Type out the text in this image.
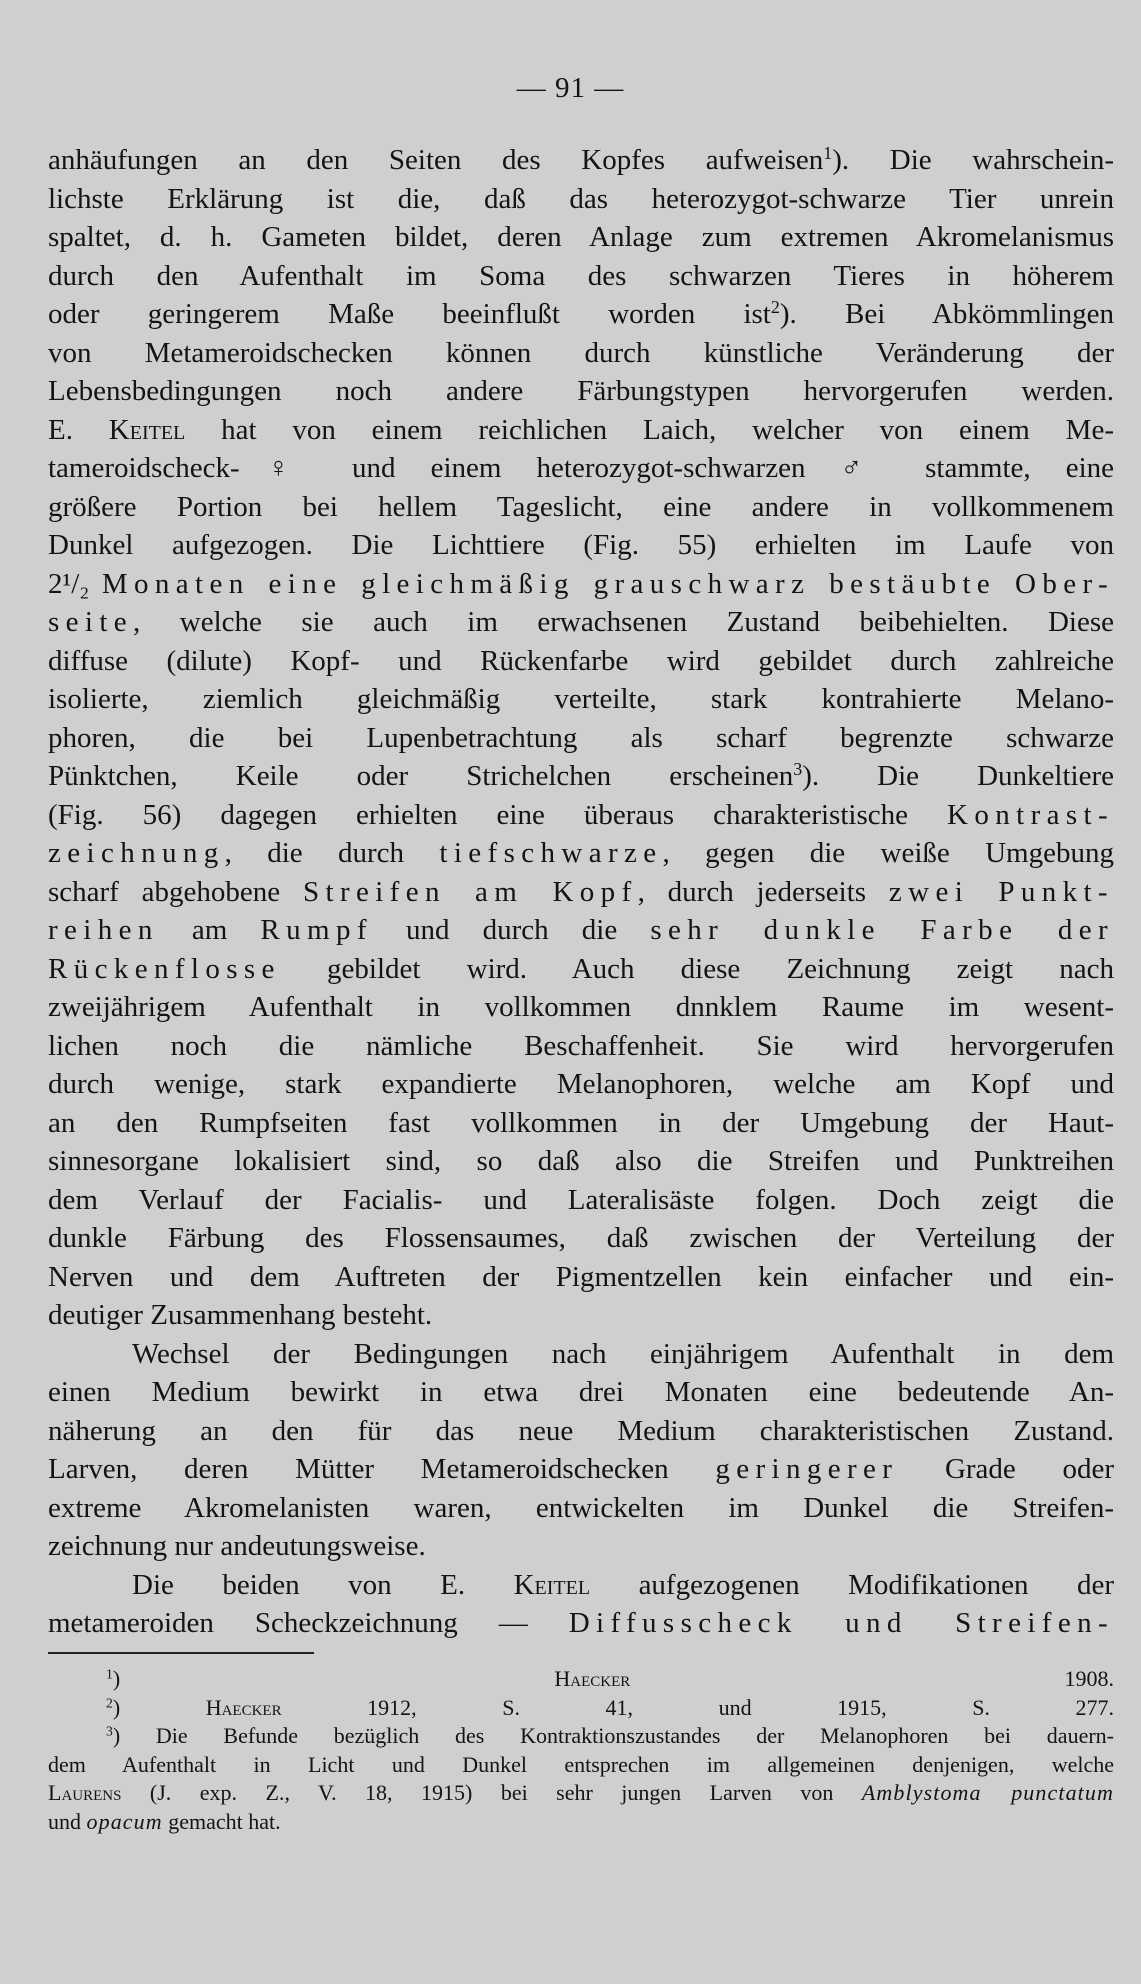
— 91 —
anhäufungen an den Seiten des Kopfes aufweisen$^1$). Die wahrschein-
lichste Erklärung ist die, daß das heterozygot-schwarze Tier unrein
spaltet, d. h. Gameten bildet, deren Anlage zum extremen Akromelanismus
durch den Aufenthalt im Soma des schwarzen Tieres in höherem
oder geringerem Maße beeinflußt worden ist$^2$). Bei Abkömmlingen
von Metameroidschecken können durch künstliche Veränderung der
Lebensbedingungen noch andere Färbungstypen hervorgerufen werden.
E. Keitel hat von einem reichlichen Laich, welcher von einem Me-
tameroidscheck-♀ und einem heterozygot-schwarzen ♂ stammte, eine
größere Portion bei hellem Tageslicht, eine andere in vollkommenem
Dunkel aufgezogen. Die Lichttiere (Fig. 55) erhielten im Laufe von
2¹/₂ Monaten eine gleichmäßig grauschwarz bestäubte Ober-
seite, welche sie auch im erwachsenen Zustand beibehielten. Diese
diffuse (dilute) Kopf- und Rückenfarbe wird gebildet durch zahlreiche
isolierte, ziemlich gleichmäßig verteilte, stark kontrahierte Melano-
phoren, die bei Lupenbetrachtung als scharf begrenzte schwarze
Pünktchen, Keile oder Strichelchen erscheinen$^3$). Die Dunkeltiere
(Fig. 56) dagegen erhielten eine überaus charakteristische Kontrast-
zeichnung, die durch tiefschwarze, gegen die weiße Umgebung
scharf abgehobene Streifen am Kopf, durch jederseits zwei Punkt-
reihen am Rumpf und durch die sehr dunkle Farbe der
Rückenflosse gebildet wird. Auch diese Zeichnung zeigt nach
zweijährigem Aufenthalt in vollkommen dnnklem Raume im wesent-
lichen noch die nämliche Beschaffenheit. Sie wird hervorgerufen
durch wenige, stark expandierte Melanophoren, welche am Kopf und
an den Rumpfseiten fast vollkommen in der Umgebung der Haut-
sinnesorgane lokalisiert sind, so daß also die Streifen und Punktreihen
dem Verlauf der Facialis- und Lateralisäste folgen. Doch zeigt die
dunkle Färbung des Flossensaumes, daß zwischen der Verteilung der
Nerven und dem Auftreten der Pigmentzellen kein einfacher und ein-
deutiger Zusammenhang besteht.
Wechsel der Bedingungen nach einjährigem Aufenthalt in dem
einen Medium bewirkt in etwa drei Monaten eine bedeutende An-
näherung an den für das neue Medium charakteristischen Zustand.
Larven, deren Mütter Metameroidschecken geringerer Grade oder
extreme Akromelanisten waren, entwickelten im Dunkel die Streifen-
zeichnung nur andeutungsweise.
Die beiden von E. Keitel aufgezogenen Modifikationen der
metameroiden Scheckzeichnung — Diffusscheck und Streifen-
$^1$) Haecker 1908.
$^2$) Haecker 1912, S. 41, und 1915, S. 277.
$^3$) Die Befunde bezüglich des Kontraktionszustandes der Melanophoren bei dauern-
dem Aufenthalt in Licht und Dunkel entsprechen im allgemeinen denjenigen, welche
Laurens (J. exp. Z., V. 18, 1915) bei sehr jungen Larven von Amblystoma punctatum
und opacum gemacht hat.
